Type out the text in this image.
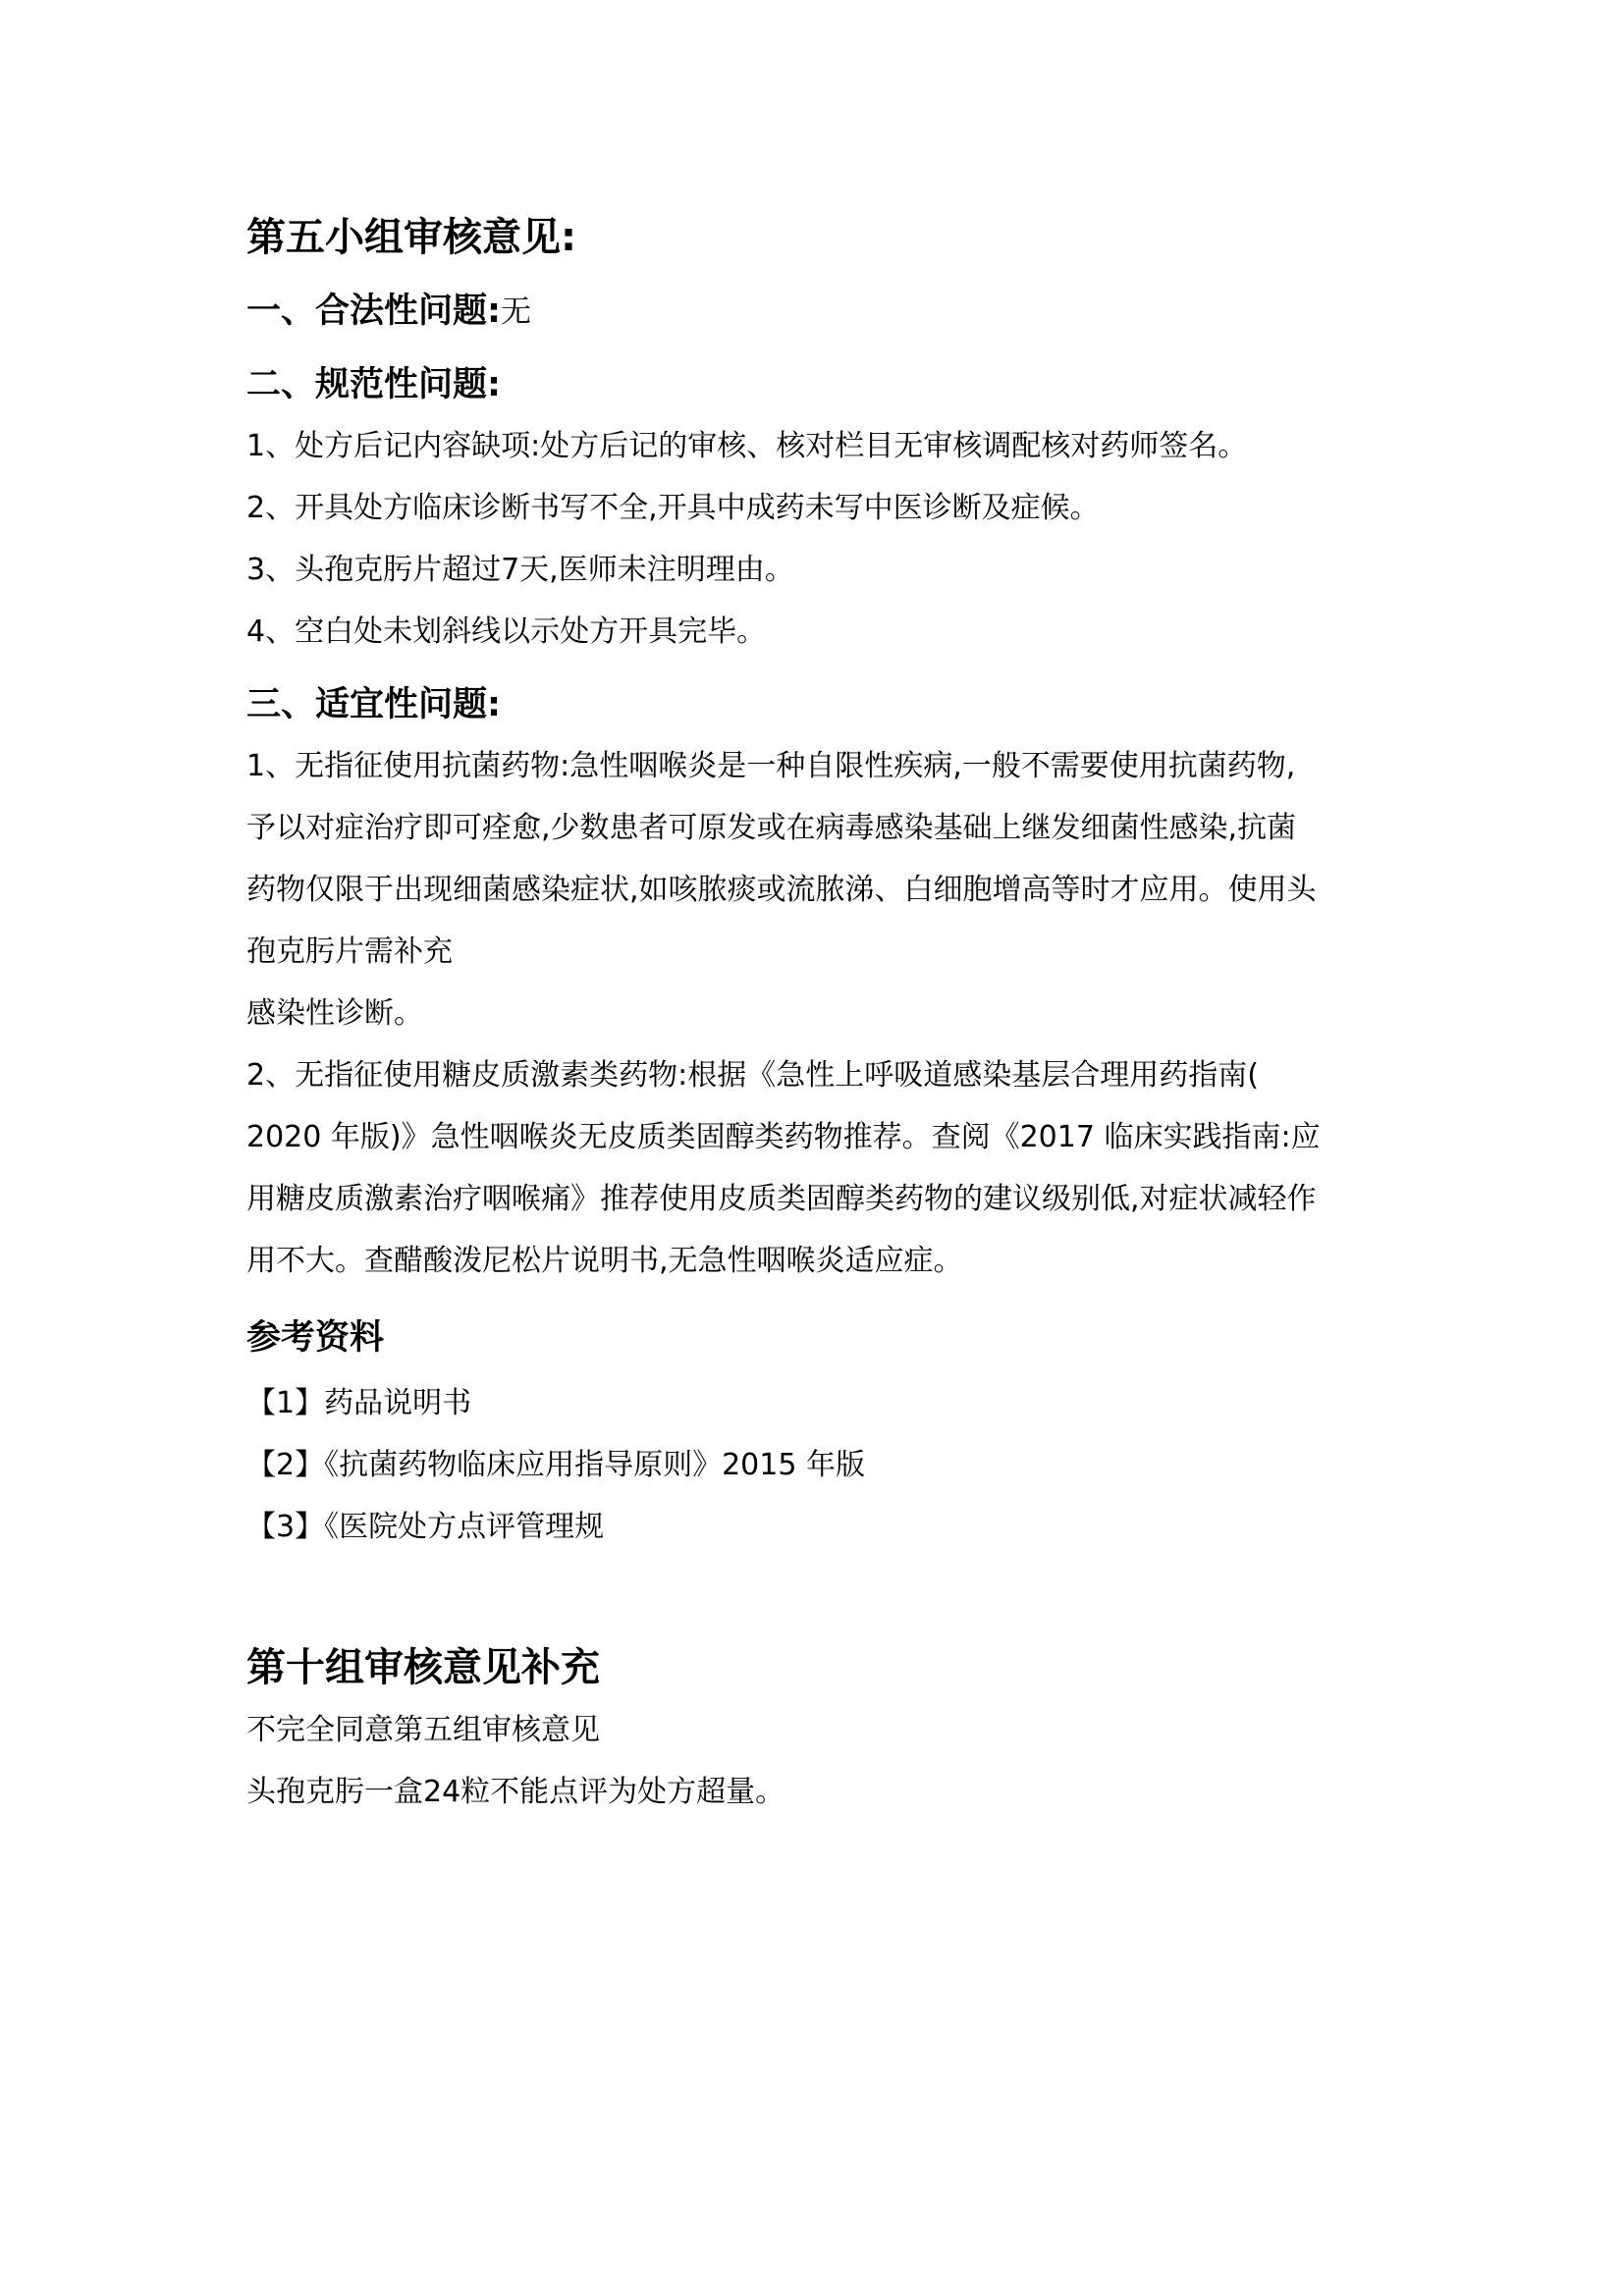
第五小组审核意见:

一、合法性问题:无

二、规范性问题:

1、处方后记内容缺项:处方后记的审核、核对栏目无审核调配核对药师签名。

2、开具处方临床诊断书写不全,开具中成药未写中医诊断及症候。

3、头孢克肟片超过7天,医师未注明理由。

4、空白处未划斜线以示处方开具完毕。

三、适宜性问题:

1、无指征使用抗菌药物:急性咽喉炎是一种自限性疾病,一般不需要使用抗菌药物,
予以对症治疗即可痊愈,少数患者可原发或在病毒感染基础上继发细菌性感染,抗菌
药物仅限于出现细菌感染症状,如咳脓痰或流脓涕、白细胞增高等时才应用。使用头
孢克肟片需补充
感染性诊断。
2、无指征使用糖皮质激素类药物:根据《急性上呼吸道感染基层合理用药指南(
2020 年版)》急性咽喉炎无皮质类固醇类药物推荐。查阅《2017 临床实践指南:应
用糖皮质激素治疗咽喉痛》推荐使用皮质类固醇类药物的建议级别低,对症状减轻作
用不大。查醋酸泼尼松片说明书,无急性咽喉炎适应症。

参考资料

【1】药品说明书

【2】《抗菌药物临床应用指导原则》2015 年版

【3】《医院处方点评管理规

第十组审核意见补充

不完全同意第五组审核意见

头孢克肟一盒24粒不能点评为处方超量。
